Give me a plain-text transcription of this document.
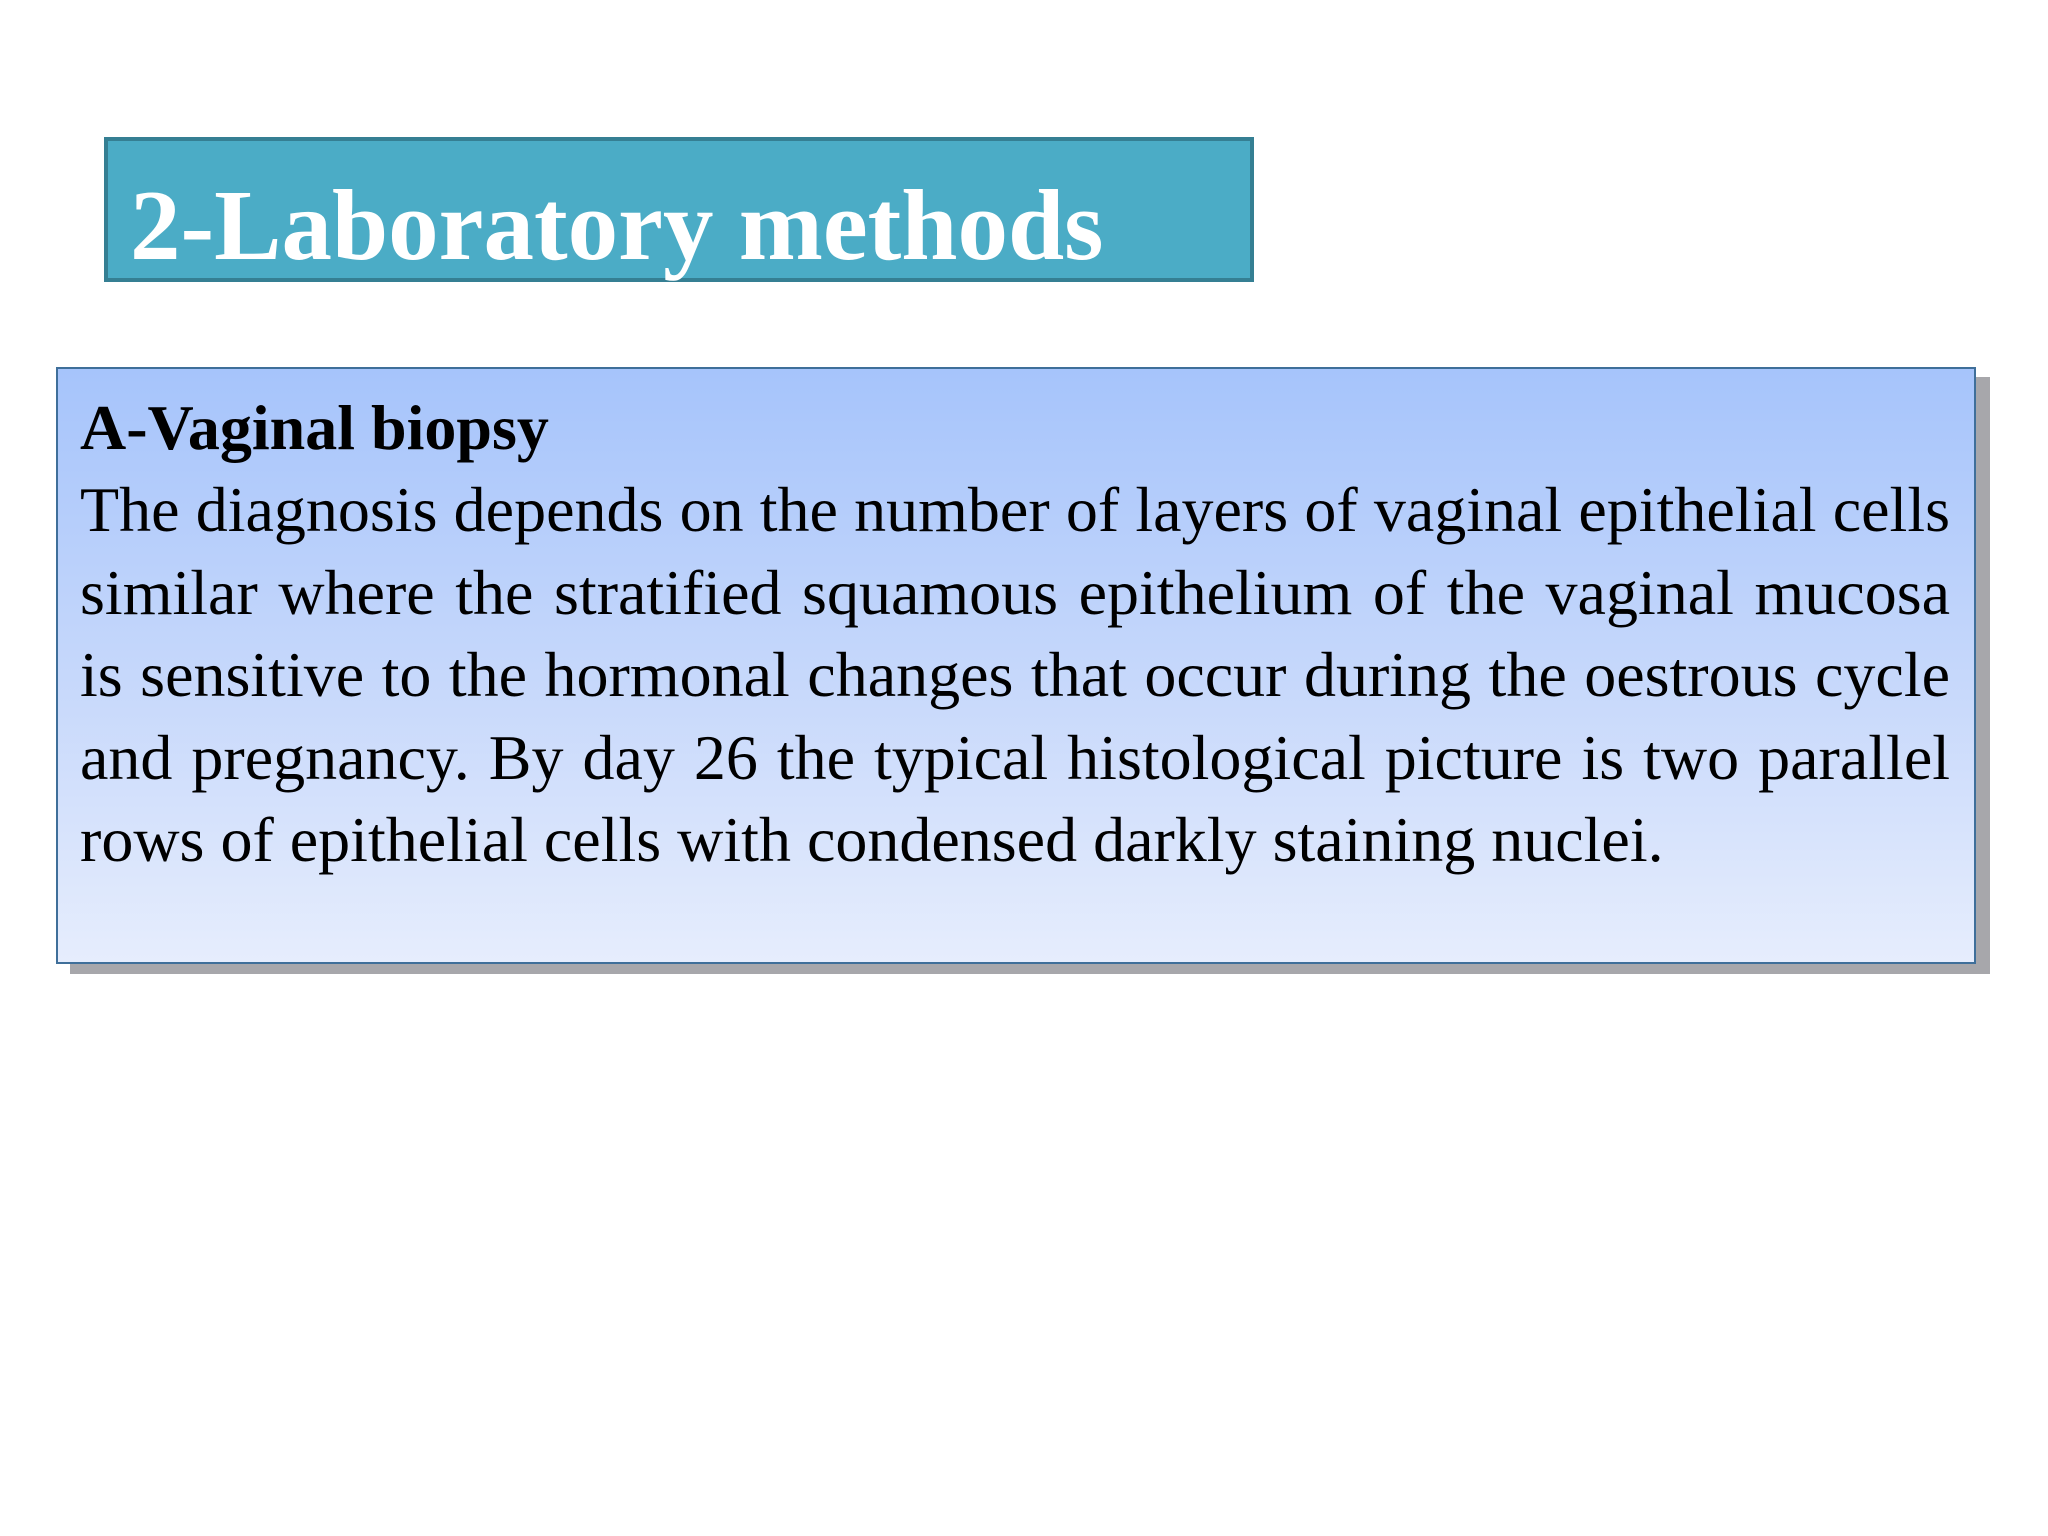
2-Laboratory methods

A-Vaginal biopsy

The diagnosis depends on the number of layers of vaginal epithelial cells similar where the stratified squamous epithelium of the vaginal mucosa is sensitive to the hormonal changes that occur during the oestrous cycle and pregnancy. By day 26 the typical histological picture is two parallel rows of epithelial cells with condensed darkly staining nuclei.
